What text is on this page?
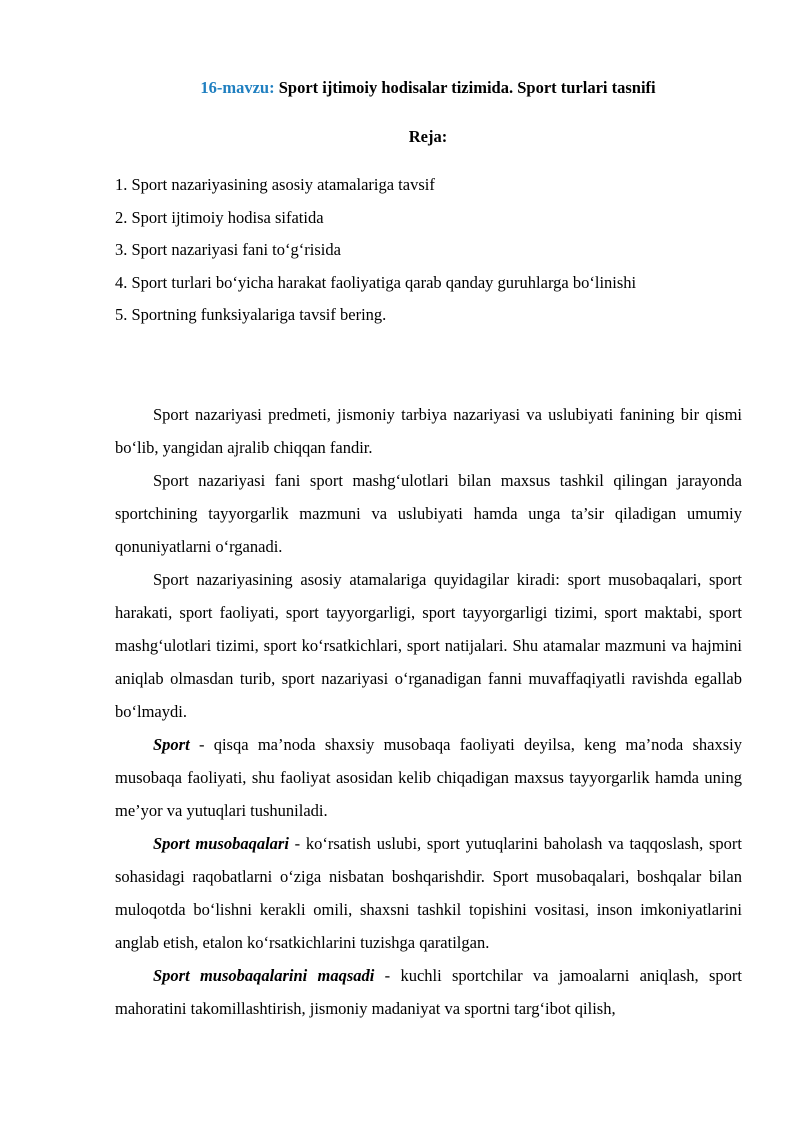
16-mavzu: Sport ijtimoiy hodisalar tizimida. Sport turlari tasnifi
Reja:
1. Sport nazariyasining asosiy atamalariga tavsif
2. Sport ijtimoiy hodisa sifatida
3. Sport nazariyasi fani to‘g‘risida
4. Sport turlari bo‘yicha harakat faoliyatiga qarab qanday guruhlarga bo‘linishi
5. Sportning funksiyalariga tavsif bering.

Sport nazariyasi predmeti, jismoniy tarbiya nazariyasi va uslubiyati fanining bir qismi bo‘lib, yangidan ajralib chiqqan fandir.

Sport nazariyasi fani sport mashg‘ulotlari bilan maxsus tashkil qilingan jarayonda sportchining tayyorgarlik mazmuni va uslubiyati hamda unga ta’sir qiladigan umumiy qonuniyatlarni o‘rganadi.

Sport nazariyasining asosiy atamalariga quyidagilar kiradi: sport musobaqalari, sport harakati, sport faoliyati, sport tayyorgarligi, sport tayyorgarligi tizimi, sport maktabi, sport mashg‘ulotlari tizimi, sport ko‘rsatkichlari, sport natijalari. Shu atamalar mazmuni va hajmini aniqlab olmasdan turib, sport nazariyasi o‘rganadigan fanni muvaffaqiyatli ravishda egallab bo‘lmaydi.

Sport - qisqa ma’noda shaxsiy musobaqa faoliyati deyilsa, keng ma’noda shaxsiy musobaqa faoliyati, shu faoliyat asosidan kelib chiqadigan maxsus tayyorgarlik hamda uning me’yor va yutuqlari tushuniladi.

Sport musobaqalari - ko‘rsatish uslubi, sport yutuqlarini baholash va taqqoslash, sport sohasidagi raqobatlarni o‘ziga nisbatan boshqarishdir. Sport musobaqalari, boshqalar bilan muloqotda bo‘lishni kerakli omili, shaxsni tashkil topishini vositasi, inson imkoniyatlarini anglab etish, etalon ko‘rsatkichlarini tuzishga qaratilgan.

Sport musobaqalarini maqsadi - kuchli sportchilar va jamoalarni aniqlash, sport mahoratini takomillashtirish, jismoniy madaniyat va sportni targ‘ibot qilish,
